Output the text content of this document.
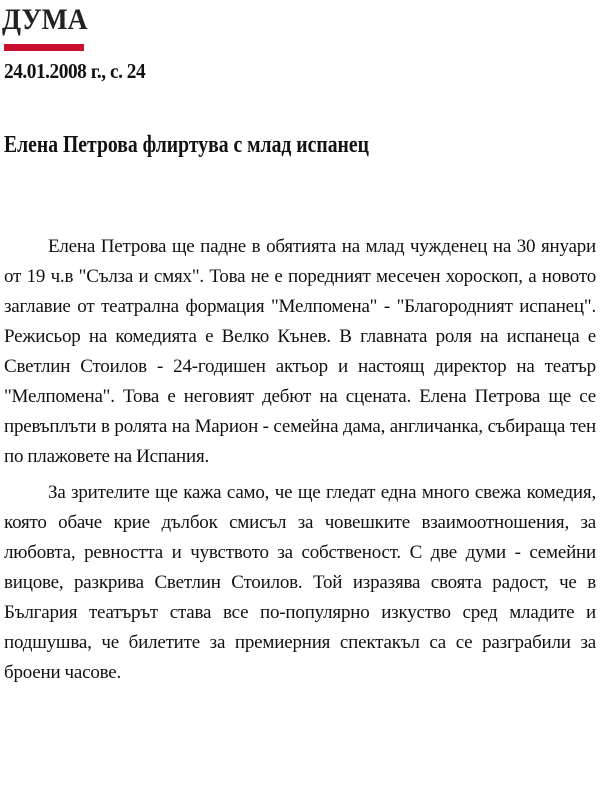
ДУМА
24.01.2008 г., с. 24
Елена Петрова флиртува с млад испанец

Елена Петрова ще падне в обятията на млад чужденец на 30 януари от 19 ч.в "Сълза и смях". Това не е поредният месечен хороскоп, а новото заглавие от театрална формация "Мелпомена" - "Благородният испанец". Режисьор на комедията е Велко Кънев. В главната роля на испанеца е Светлин Стоилов - 24-годишен актьор и настоящ директор на театър "Мелпомена". Това е неговият дебют на сцената. Елена Петрова ще се превъплъти в ролята на Марион - семейна дама, англичанка, събираща тен по плажовете на Испания.

За зрителите ще кажа само, че ще гледат една много свежа комедия, която обаче крие дълбок смисъл за човешките взаимоотношения, за любовта, ревността и чувството за собственост. С две думи - семейни вицове, разкрива Светлин Стоилов. Той изразява своята радост, че в България театърът става все по-популярно изкуство сред младите и подшушва, че билетите за премиерния спектакъл са се разграбили за броени часове.
